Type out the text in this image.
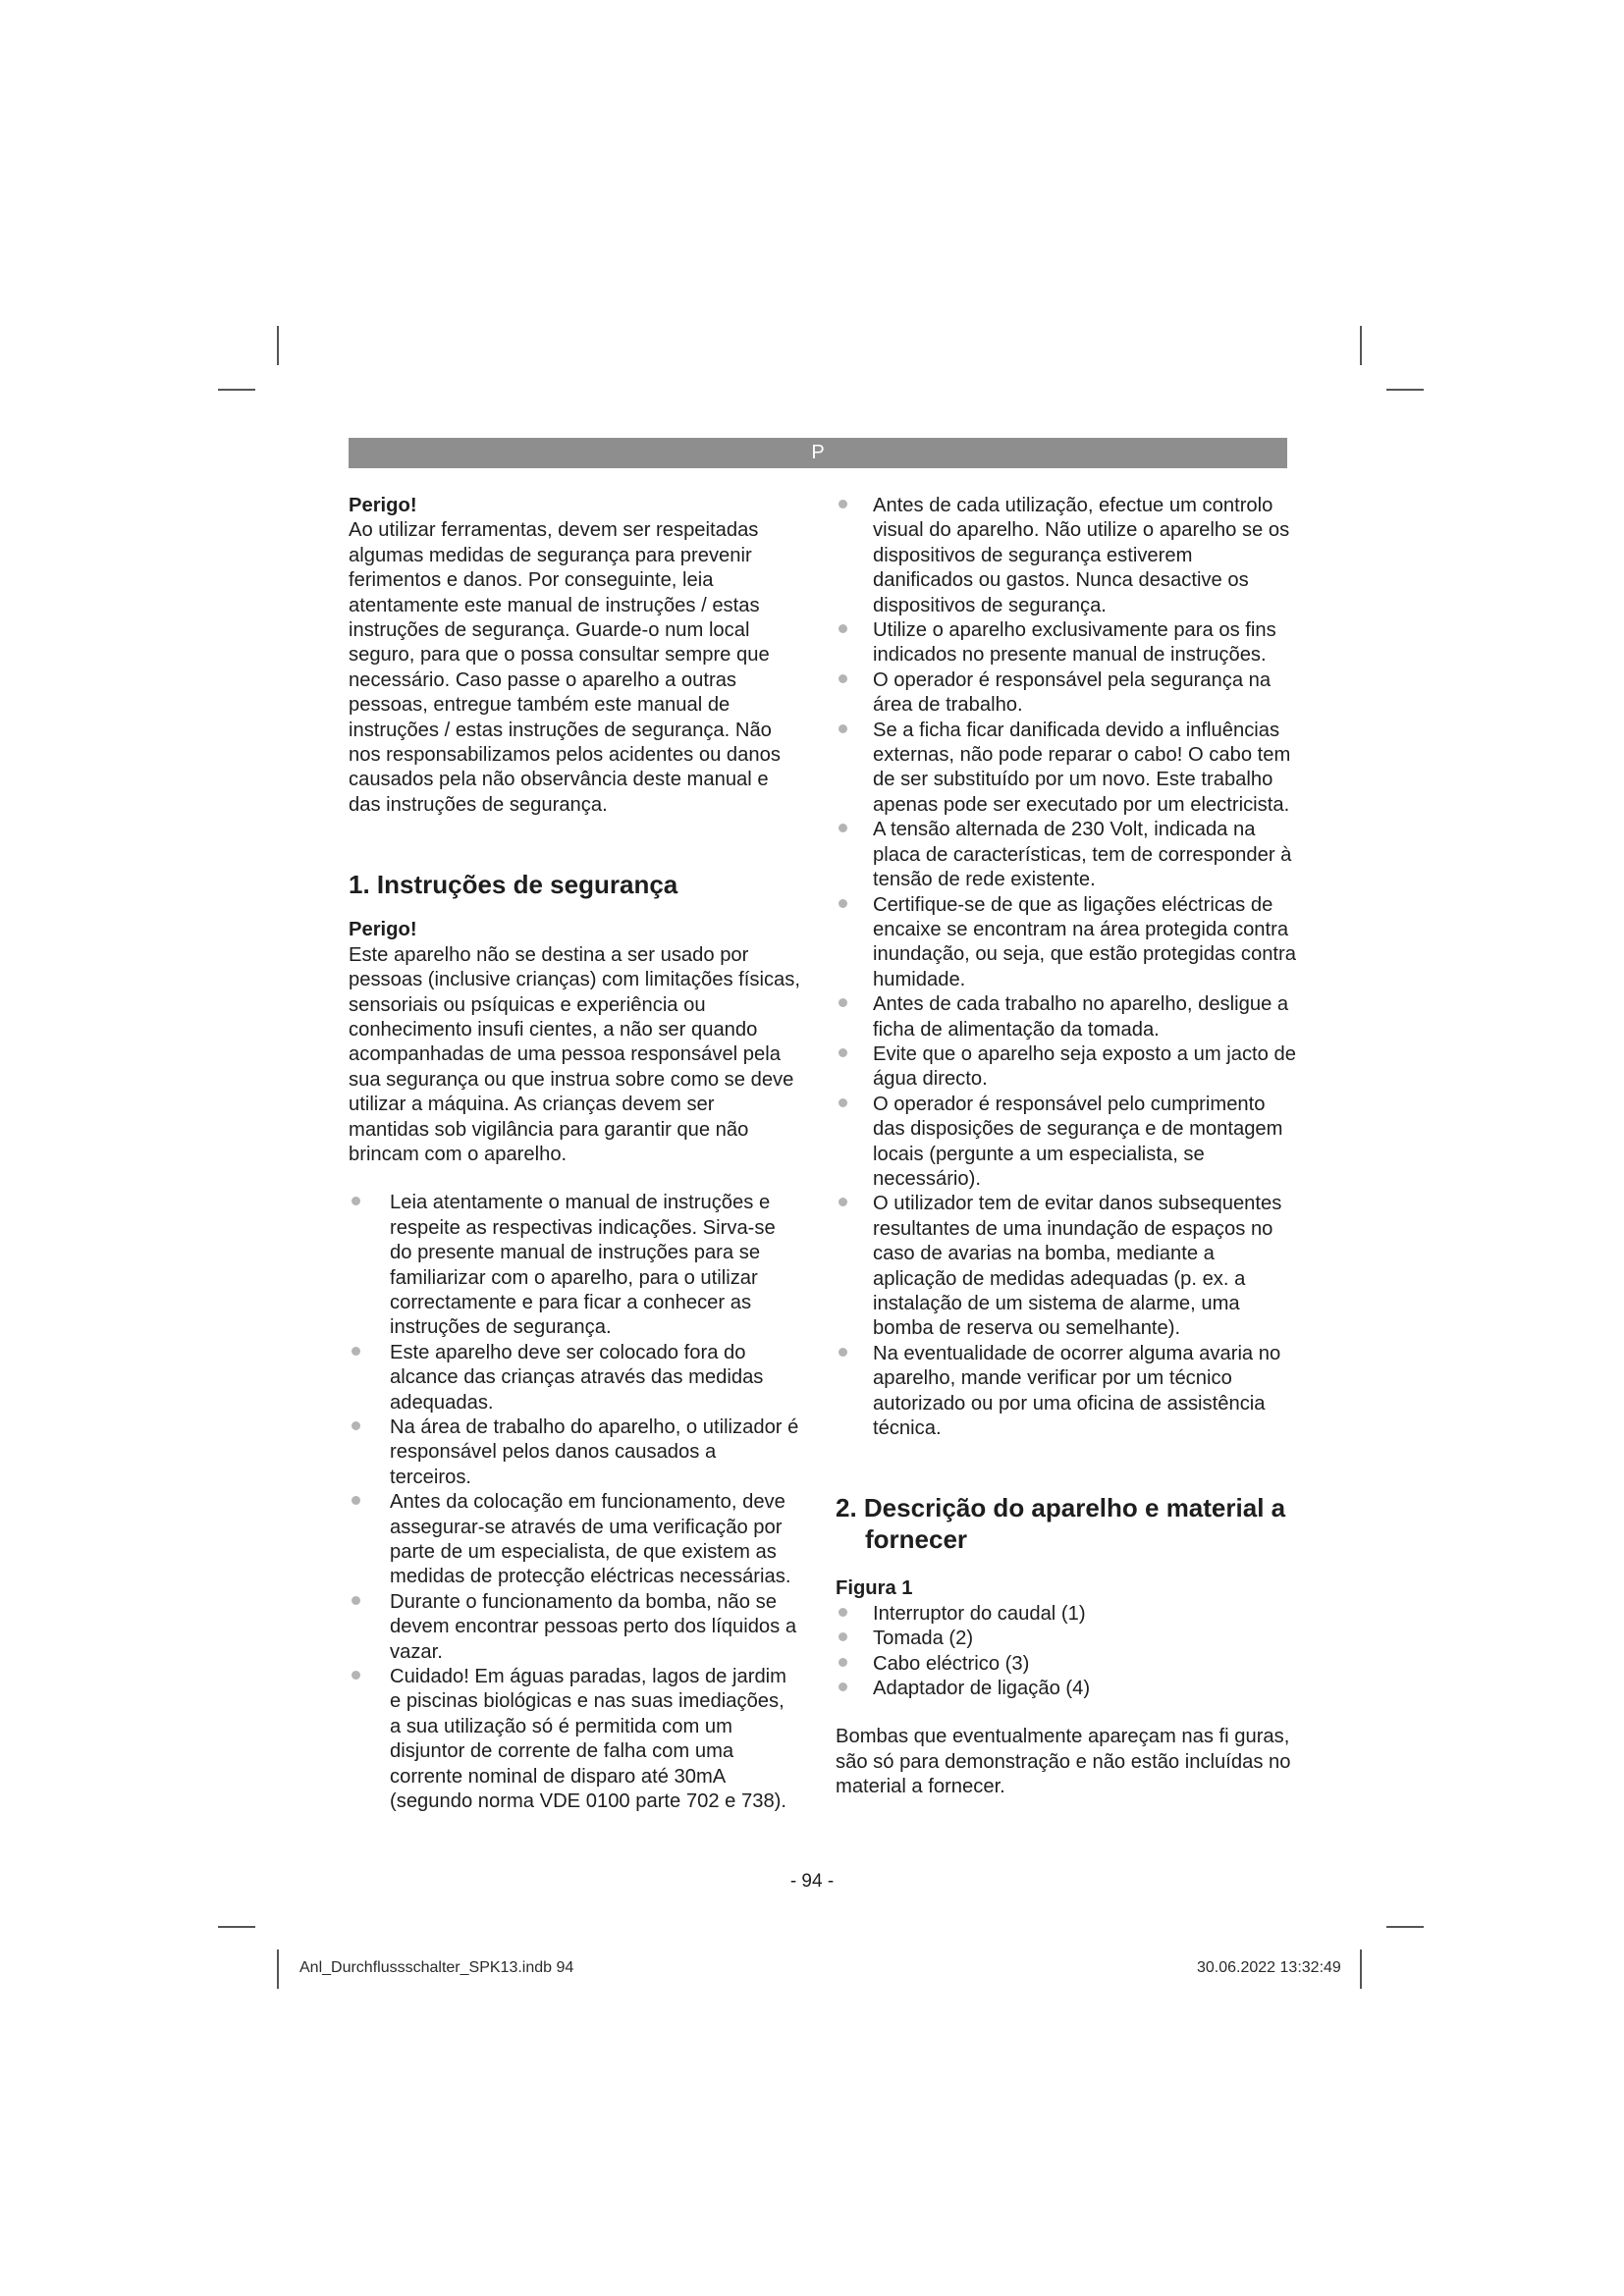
P

Perigo!

Ao utilizar ferramentas, devem ser respeitadas algumas medidas de segurança para prevenir ferimentos e danos. Por conseguinte, leia atentamente este manual de instruções / estas instruções de segurança. Guarde-o num local seguro, para que o possa consultar sempre que necessário. Caso passe o aparelho a outras pessoas, entregue também este manual de instruções / estas instruções de segurança. Não nos responsabilizamos pelos acidentes ou danos causados pela não observância deste manual e das instruções de segurança.

1. Instruções de segurança

Perigo!

Este aparelho não se destina a ser usado por pessoas (inclusive crianças) com limitações físicas, sensoriais ou psíquicas e experiência ou conhecimento insufi cientes, a não ser quando acompanhadas de uma pessoa responsável pela sua segurança ou que instrua sobre como se deve utilizar a máquina. As crianças devem ser mantidas sob vigilância para garantir que não brincam com o aparelho.

Leia atentamente o manual de instruções e respeite as respectivas indicações. Sirva-se do presente manual de instruções para se familiarizar com o aparelho, para o utilizar correctamente e para ficar a conhecer as instruções de segurança.
Este aparelho deve ser colocado fora do alcance das crianças através das medidas adequadas.
Na área de trabalho do aparelho, o utilizador é responsável pelos danos causados a terceiros.
Antes da colocação em funcionamento, deve assegurar-se através de uma verificação por parte de um especialista, de que existem as medidas de protecção eléctricas necessárias.
Durante o funcionamento da bomba, não se devem encontrar pessoas perto dos líquidos a vazar.
Cuidado! Em águas paradas, lagos de jardim e piscinas biológicas e nas suas imediações, a sua utilização só é permitida com um disjuntor de corrente de falha com uma corrente nominal de disparo até 30mA (segundo norma VDE 0100 parte 702 e 738).
Antes de cada utilização, efectue um controlo visual do aparelho. Não utilize o aparelho se os dispositivos de segurança estiverem danificados ou gastos. Nunca desactive os dispositivos de segurança.
Utilize o aparelho exclusivamente para os fins indicados no presente manual de instruções.
O operador é responsável pela segurança na área de trabalho.
Se a ficha ficar danificada devido a influências externas, não pode reparar o cabo! O cabo tem de ser substituído por um novo. Este trabalho apenas pode ser executado por um electricista.
A tensão alternada de 230 Volt, indicada na placa de características, tem de corresponder à tensão de rede existente.
Certifique-se de que as ligações eléctricas de encaixe se encontram na área protegida contra inundação, ou seja, que estão protegidas contra humidade.
Antes de cada trabalho no aparelho, desligue a ficha de alimentação da tomada.
Evite que o aparelho seja exposto a um jacto de água directo.
O operador é responsável pelo cumprimento das disposições de segurança e de montagem locais (pergunte a um especialista, se necessário).
O utilizador tem de evitar danos subsequentes resultantes de uma inundação de espaços no caso de avarias na bomba, mediante a aplicação de medidas adequadas (p. ex. a instalação de um sistema de alarme, uma bomba de reserva ou semelhante).
Na eventualidade de ocorrer alguma avaria no aparelho, mande verificar por um técnico autorizado ou por uma oficina de assistência técnica.

2. Descrição do aparelho e material a fornecer

Figura 1

Interruptor do caudal (1)
Tomada (2)
Cabo eléctrico (3)
Adaptador de ligação (4)

Bombas que eventualmente apareçam nas fi guras, são só para demonstração e não estão incluídas no material a fornecer.

- 94 -
Anl_Durchflussschalter_SPK13.indb 94	30.06.2022 13:32:49
